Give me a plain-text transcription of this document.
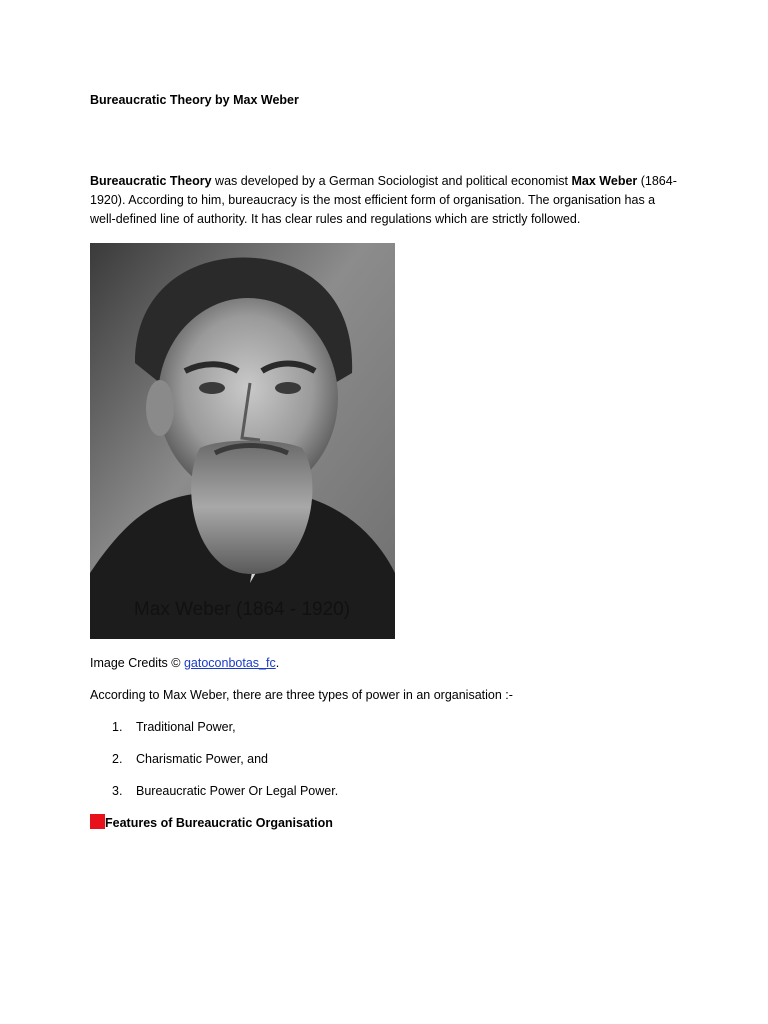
Bureaucratic Theory by Max Weber
Bureaucratic Theory was developed by a German Sociologist and political economist Max Weber (1864-1920). According to him, bureaucracy is the most efficient form of organisation. The organisation has a well-defined line of authority. It has clear rules and regulations which are strictly followed.
Max Weber (1864 - 1920)
Image Credits © gatoconbotas_fc.
According to Max Weber, there are three types of power in an organisation :-
1. Traditional Power,
2. Charismatic Power, and
3. Bureaucratic Power Or Legal Power.
Features of Bureaucratic Organisation
